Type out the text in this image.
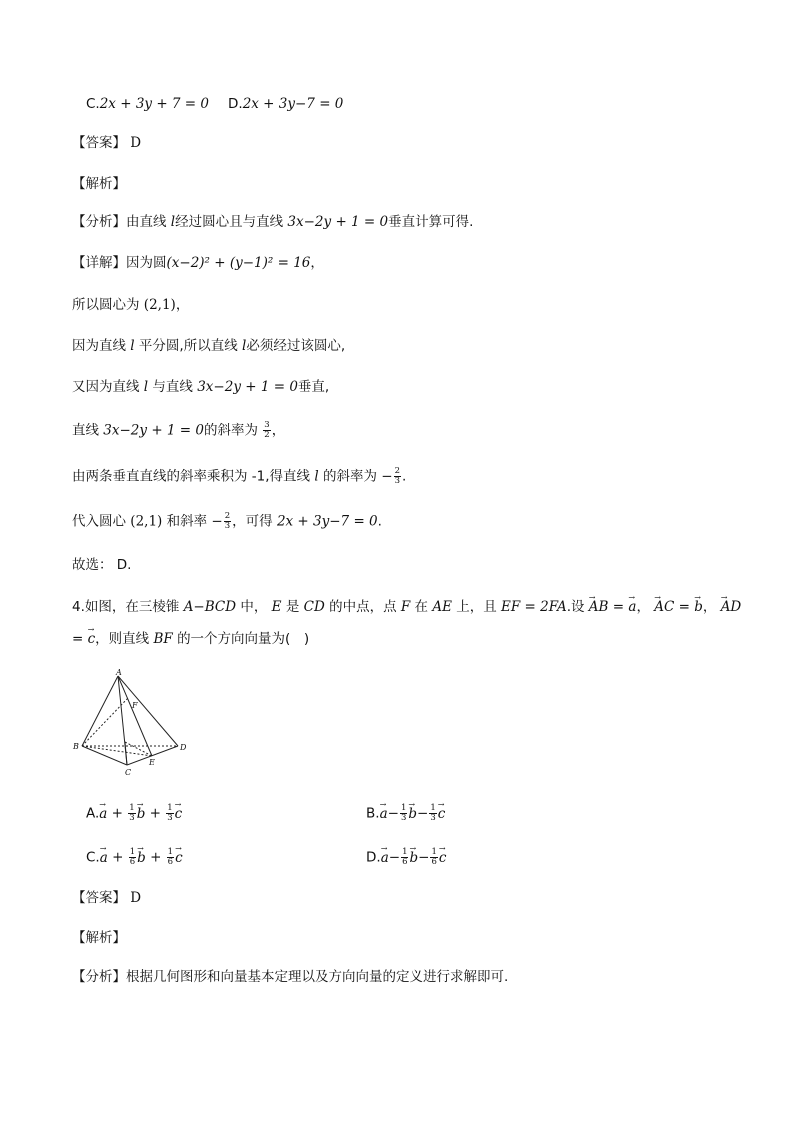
C.2x + 3y + 7 = 0 D.2x + 3y−7 = 0
【答案】 D
【解析】
【分析】由直线 l经过圆心且与直线 3x−2y + 1 = 0垂直计算可得.
【详解】因为圆(x−2)² + (y−1)² = 16，
所以圆心为 (2,1)，
因为直线 l 平分圆,所以直线 l必须经过该圆心,
又因为直线 l 与直线 3x−2y + 1 = 0垂直,
直线 3x−2y + 1 = 0的斜率为 $\frac{3}{2}$ ，
由两条垂直直线的斜率乘积为 -1,得直线 l 的斜率为 − $\frac{2}{3}$ .
代入圆心 (2,1) 和斜率 − $\frac{2}{3}$ ，可得 2x + 3y−7 = 0.
故选： D.
4.如图，在三棱锥 A−BCD 中， E 是 CD 的中点，点 F 在 AE 上，且 EF = 2FA.设 → AB = → a， → AC = → b， → AD
= → c，则直线 BF 的一个方向向量为(　)
A
F
B	D
E
C
$A.\to a + \frac{1}{3}$
→ $b + \frac{1}{3}$
→ c	$B.\to a- \frac{1}{3}$
→ $b- \frac{1}{3}$
→ c
$C.\to a + \frac{1}{6}$
→ $b + \frac{1}{6}$
→ c	$D.\to a- \frac{1}{6}$
→ $b- \frac{1}{6}$
→ c
【答案】 D
【解析】
【分析】根据几何图形和向量基本定理以及方向向量的定义进行求解即可.
